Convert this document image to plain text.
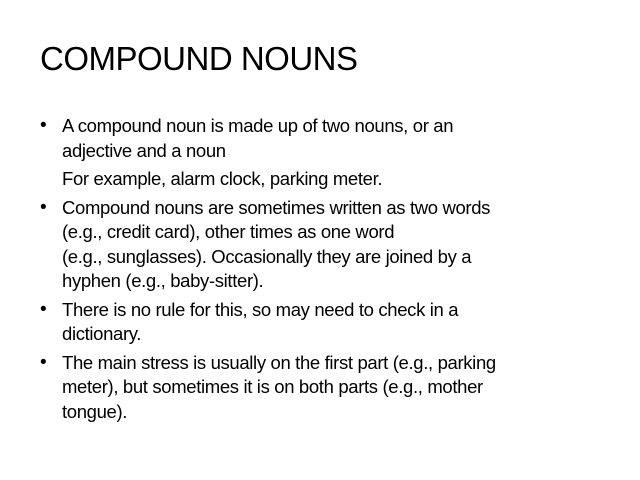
COMPOUND NOUNS
• A compound noun is made up of two nouns, or an
adjective and a noun
For example, alarm clock, parking meter.
• Compound nouns are sometimes written as two words
(e.g., credit card), other times as one word
(e.g., sunglasses). Occasionally they are joined by a
hyphen (e.g., baby-sitter).
• There is no rule for this, so may need to check in a
dictionary.
• The main stress is usually on the first part (e.g., parking
meter), but sometimes it is on both parts (e.g., mother
tongue).
